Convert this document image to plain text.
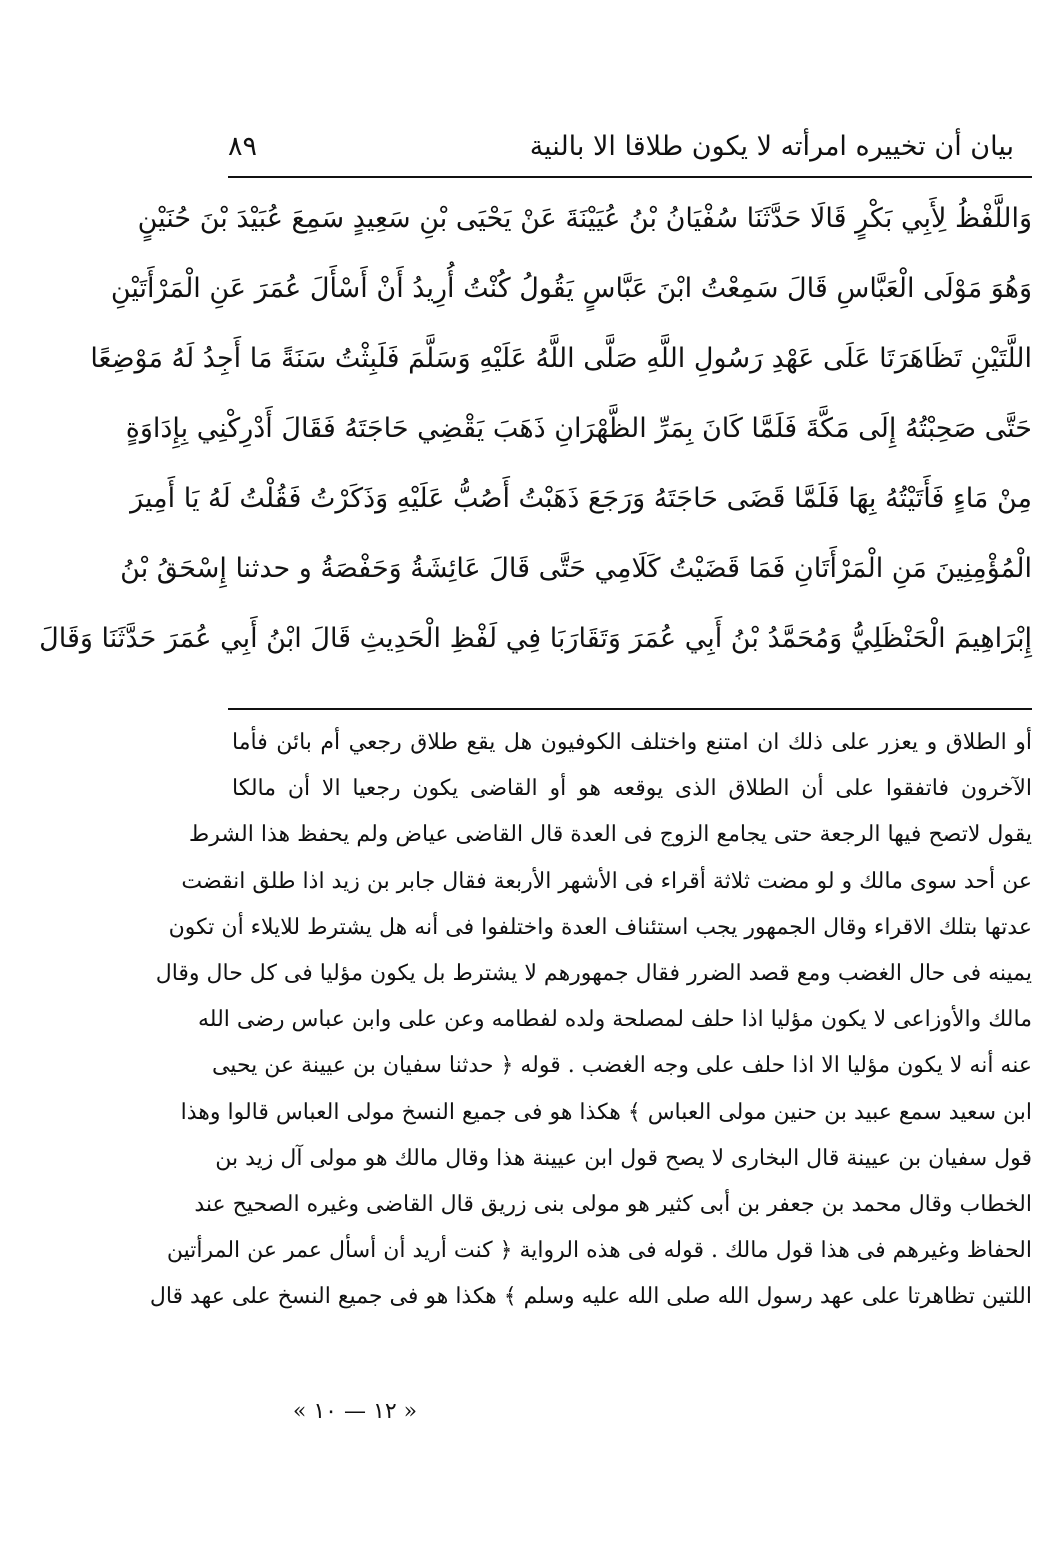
بيان أن تخييره امرأته لا يكون طلاقا الا بالنية
٨٩
وَاللَّفْظُ لِأَبِي بَكْرٍ قَالَا حَدَّثَنَا سُفْيَانُ بْنُ عُيَيْنَةَ عَنْ يَحْيَى بْنِ سَعِيدٍ سَمِعَ عُبَيْدَ بْنَ حُنَيْنٍ
وَهُوَ مَوْلَى الْعَبَّاسِ قَالَ سَمِعْتُ ابْنَ عَبَّاسٍ يَقُولُ كُنْتُ أُرِيدُ أَنْ أَسْأَلَ عُمَرَ عَنِ الْمَرْأَتَيْنِ
اللَّتَيْنِ تَظَاهَرَتَا عَلَى عَهْدِ رَسُولِ اللَّهِ صَلَّى اللَّهُ عَلَيْهِ وَسَلَّمَ فَلَبِثْتُ سَنَةً مَا أَجِدُ لَهُ مَوْضِعًا
حَتَّى صَحِبْتُهُ إِلَى مَكَّةَ فَلَمَّا كَانَ بِمَرِّ الظَّهْرَانِ ذَهَبَ يَقْضِي حَاجَتَهُ فَقَالَ أَدْرِكْنِي بِإِدَاوَةٍ
مِنْ مَاءٍ فَأَتَيْتُهُ بِهَا فَلَمَّا قَضَى حَاجَتَهُ وَرَجَعَ ذَهَبْتُ أَصُبُّ عَلَيْهِ وَذَكَرْتُ فَقُلْتُ لَهُ يَا أَمِيرَ
الْمُؤْمِنِينَ مَنِ الْمَرْأَتَانِ فَمَا قَضَيْتُ كَلَامِي حَتَّى قَالَ عَائِشَةُ وَحَفْصَةُ و حدثنا إِسْحَقُ بْنُ
إِبْرَاهِيمَ الْحَنْظَلِيُّ وَمُحَمَّدُ بْنُ أَبِي عُمَرَ وَتَقَارَبَا فِي لَفْظِ الْحَدِيثِ قَالَ ابْنُ أَبِي عُمَرَ حَدَّثَنَا وَقَالَ
أو الطلاق و يعزر على ذلك ان امتنع واختلف الكوفيون هل يقع طلاق رجعي أم بائن فأما
الآخرون فاتفقوا على أن الطلاق الذى يوقعه هو أو القاضى يكون رجعيا الا أن مالكا
يقول لاتصح فيها الرجعة حتى يجامع الزوج فى العدة قال القاضى عياض ولم يحفظ هذا الشرط
عن أحد سوى مالك و لو مضت ثلاثة أقراء فى الأشهر الأربعة فقال جابر بن زيد اذا طلق انقضت
عدتها بتلك الاقراء وقال الجمهور يجب استئناف العدة واختلفوا فى أنه هل يشترط للايلاء أن تكون
يمينه فى حال الغضب ومع قصد الضرر فقال جمهورهم لا يشترط بل يكون مؤليا فى كل حال وقال
مالك والأوزاعى لا يكون مؤليا اذا حلف لمصلحة ولده لفطامه وعن على وابن عباس رضى الله
عنه أنه لا يكون مؤليا الا اذا حلف على وجه الغضب . قوله ﴿ حدثنا سفيان بن عيينة عن يحيى
ابن سعيد سمع عبيد بن حنين مولى العباس ﴾ هكذا هو فى جميع النسخ مولى العباس قالوا وهذا
قول سفيان بن عيينة قال البخارى لا يصح قول ابن عيينة هذا وقال مالك هو مولى آل زيد بن
الخطاب وقال محمد بن جعفر بن أبى كثير هو مولى بنى زريق قال القاضى وغيره الصحيح عند
الحفاظ وغيرهم فى هذا قول مالك . قوله فى هذه الرواية ﴿ كنت أريد أن أسأل عمر عن المرأتين
اللتين تظاهرتا على عهد رسول الله صلى الله عليه وسلم ﴾ هكذا هو فى جميع النسخ على عهد قال
« ١٢ — ١٠ »
